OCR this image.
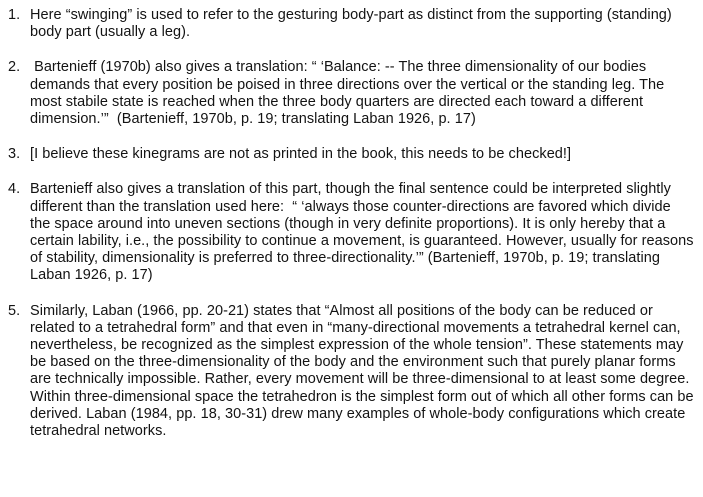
1. Here “swinging” is used to refer to the gesturing body-part as distinct from the supporting (standing) body part (usually a leg).
2. Bartenieff (1970b) also gives a translation: “ ‘Balance: -- The three dimensionality of our bodies demands that every position be poised in three directions over the vertical or the standing leg. The most stabile state is reached when the three body quarters are directed each toward a different dimension.’”  (Bartenieff, 1970b, p. 19; translating Laban 1926, p. 17)
3. [I believe these kinegrams are not as printed in the book, this needs to be checked!]
4. Bartenieff also gives a translation of this part, though the final sentence could be interpreted slightly different than the translation used here:  “ ‘always those counter-directions are favored which divide the space around into uneven sections (though in very definite proportions). It is only hereby that a certain lability, i.e., the possibility to continue a movement, is guaranteed. However, usually for reasons of stability, dimensionality is preferred to three-directionality.’” (Bartenieff, 1970b, p. 19; translating Laban 1926, p. 17)
5. Similarly, Laban (1966, pp. 20-21) states that “Almost all positions of the body can be reduced or related to a tetrahedral form” and that even in “many-directional movements a tetrahedral kernel can, nevertheless, be recognized as the simplest expression of the whole tension”. These statements may be based on the three-dimensionality of the body and the environment such that purely planar forms are technically impossible. Rather, every movement will be three-dimensional to at least some degree. Within three-dimensional space the tetrahedron is the simplest form out of which all other forms can be derived. Laban (1984, pp. 18, 30-31) drew many examples of whole-body configurations which create tetrahedral networks.
